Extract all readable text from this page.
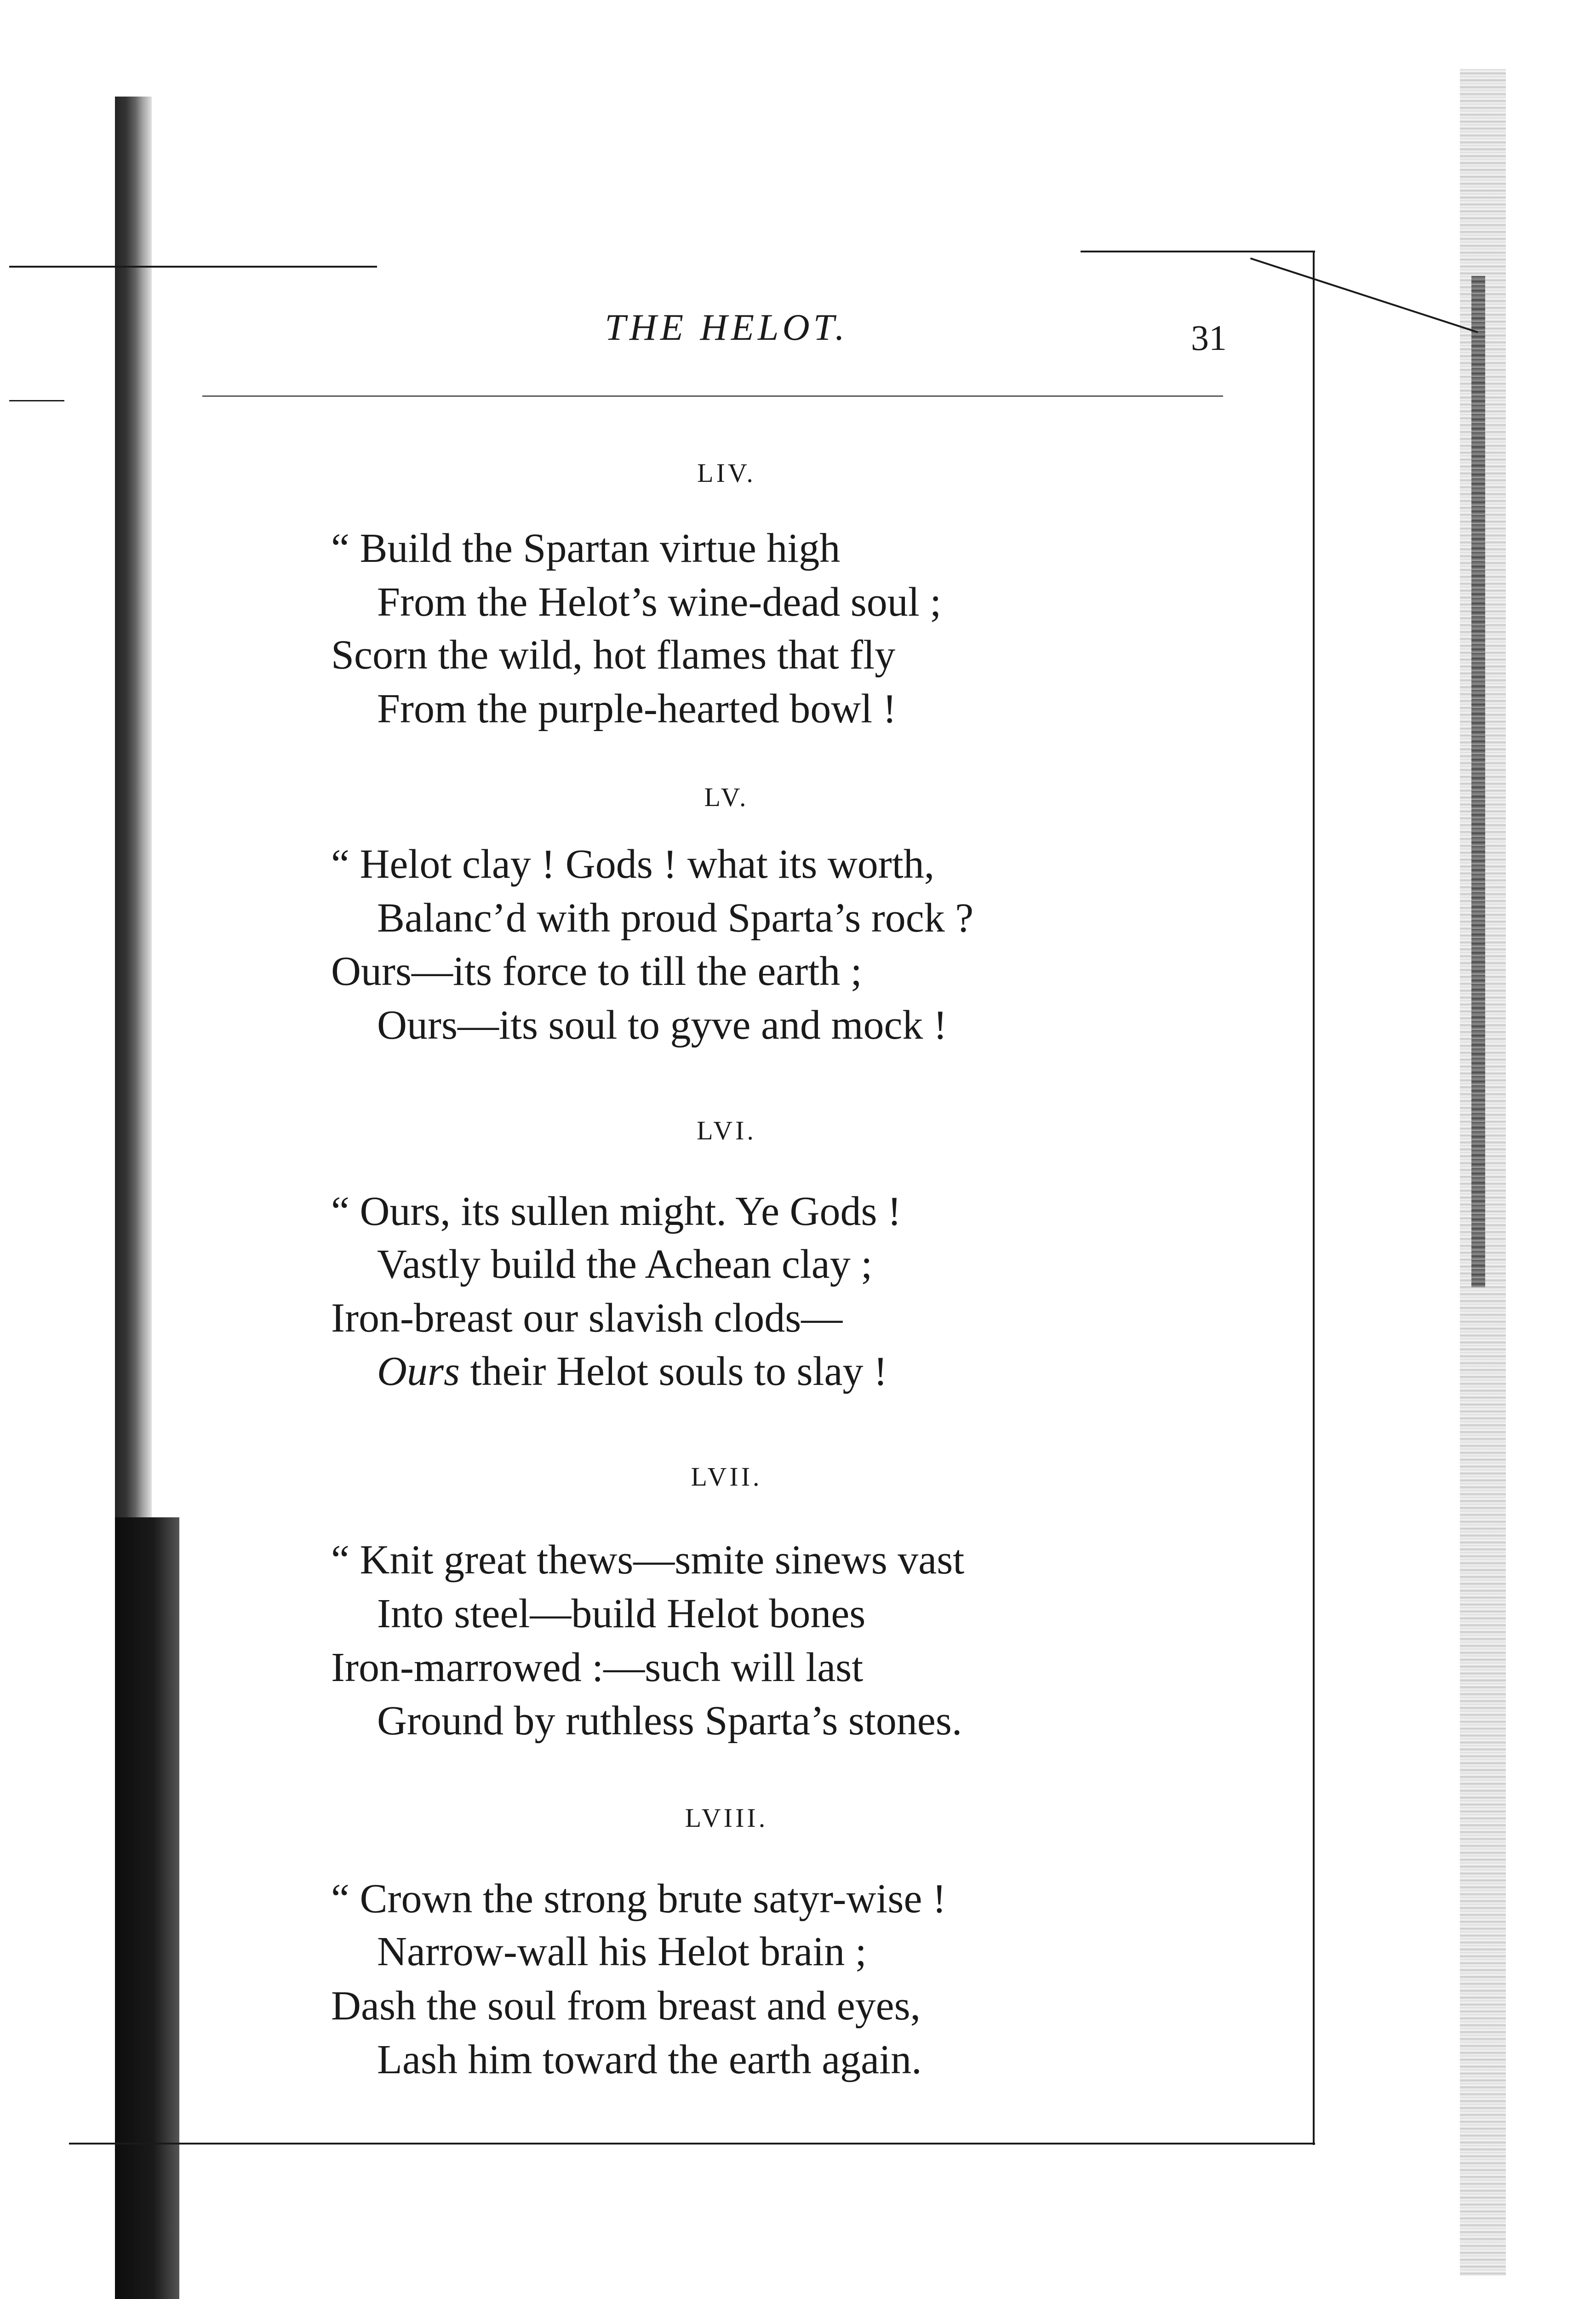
THE HELOT.	31
LIV.
“ Build the Spartan virtue high
From the Helot’s wine-dead soul ;
Scorn the wild, hot flames that fly
From the purple-hearted bowl !
LV.
“ Helot clay ! Gods ! what its worth,
Balanc’d with proud Sparta’s rock ?
Ours—its force to till the earth ;
Ours—its soul to gyve and mock !
LVI.
“ Ours, its sullen might. Ye Gods !
Vastly build the Achean clay ;
Iron-breast our slavish clods—
Ours their Helot souls to slay !
LVII.
“ Knit great thews—smite sinews vast
Into steel—build Helot bones
Iron-marrowed :—such will last
Ground by ruthless Sparta’s stones.
LVIII.
“ Crown the strong brute satyr-wise !
Narrow-wall his Helot brain ;
Dash the soul from breast and eyes,
Lash him toward the earth again.
